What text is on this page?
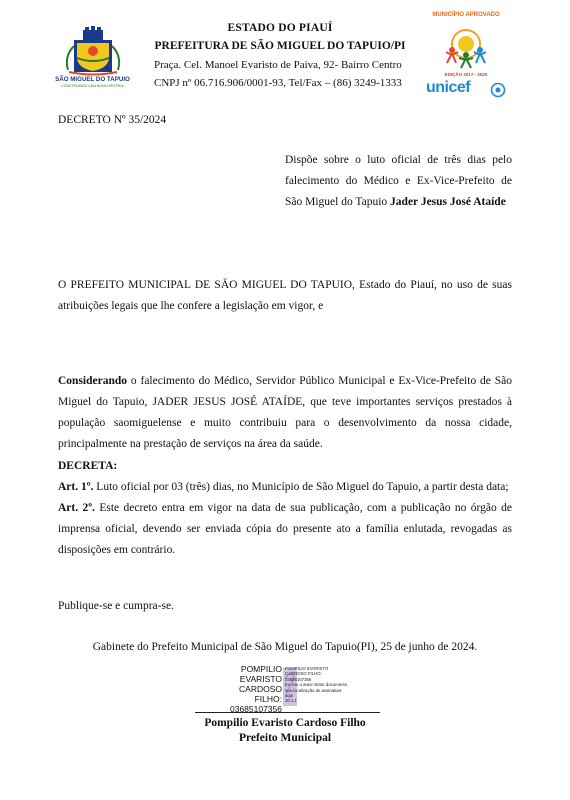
SÃO MIGUEL DO TAPUIO
CONSTRUINDO UMA NOVA HISTÓRIA
ESTADO DO PIAUÍ
PREFEITURA DE SÃO MIGUEL DO TAPUIO/PI
Praça. Cel. Manoel Evaristo de Paiva, 92- Bairro Centro
CNPJ nº 06.716.906/0001-93, Tel/Fax – (86) 3249-1333
MUNICÍPIO APROVADO
EDIÇÃO 2017 - 2020
unicef
DECRETO Nº 35/2024
Dispõe sobre o luto oficial de três dias pelo falecimento do Médico e Ex-Vice-Prefeito de São Miguel do Tapuio Jader Jesus José Ataíde
O PREFEITO MUNICIPAL DE SÃO MIGUEL DO TAPUIO, Estado do Piauí, no uso de suas atribuições legais que lhe confere a legislação em vigor, e
Considerando o falecimento do Médico, Servidor Público Municipal e Ex-Vice-Prefeito de São Miguel do Tapuio, JADER JESUS JOSÉ ATAÍDE, que teve importantes serviços prestados à população saomiguelense e muito contribuiu para o desenvolvimento da nossa cidade, principalmente na prestação de serviços na área da saúde.
DECRETA:
Art. 1º. Luto oficial por 03 (três) dias, no Município de São Miguel do Tapuio, a partir desta data;
Art. 2º. Este decreto entra em vigor na data de sua publicação, com a publicação no órgão de imprensa oficial, devendo ser enviada cópia do presente ato a família enlutada, revogadas as disposições em contrário.
Publique-se e cumpra-se.
Gabinete do Prefeito Municipal de São Miguel do Tapuio(PI), 25 de junho de 2024.
POMPILIO
EVARISTO
CARDOSO FILHO:
03685107356
POMPILIO EVARISTO
CARDOSO FILHO:
03685107356
Eu sou o autor deste documento
sua localização de assinatura
aqui
10:1 1
Pompilio Evaristo Cardoso Filho
Prefeito Municipal
